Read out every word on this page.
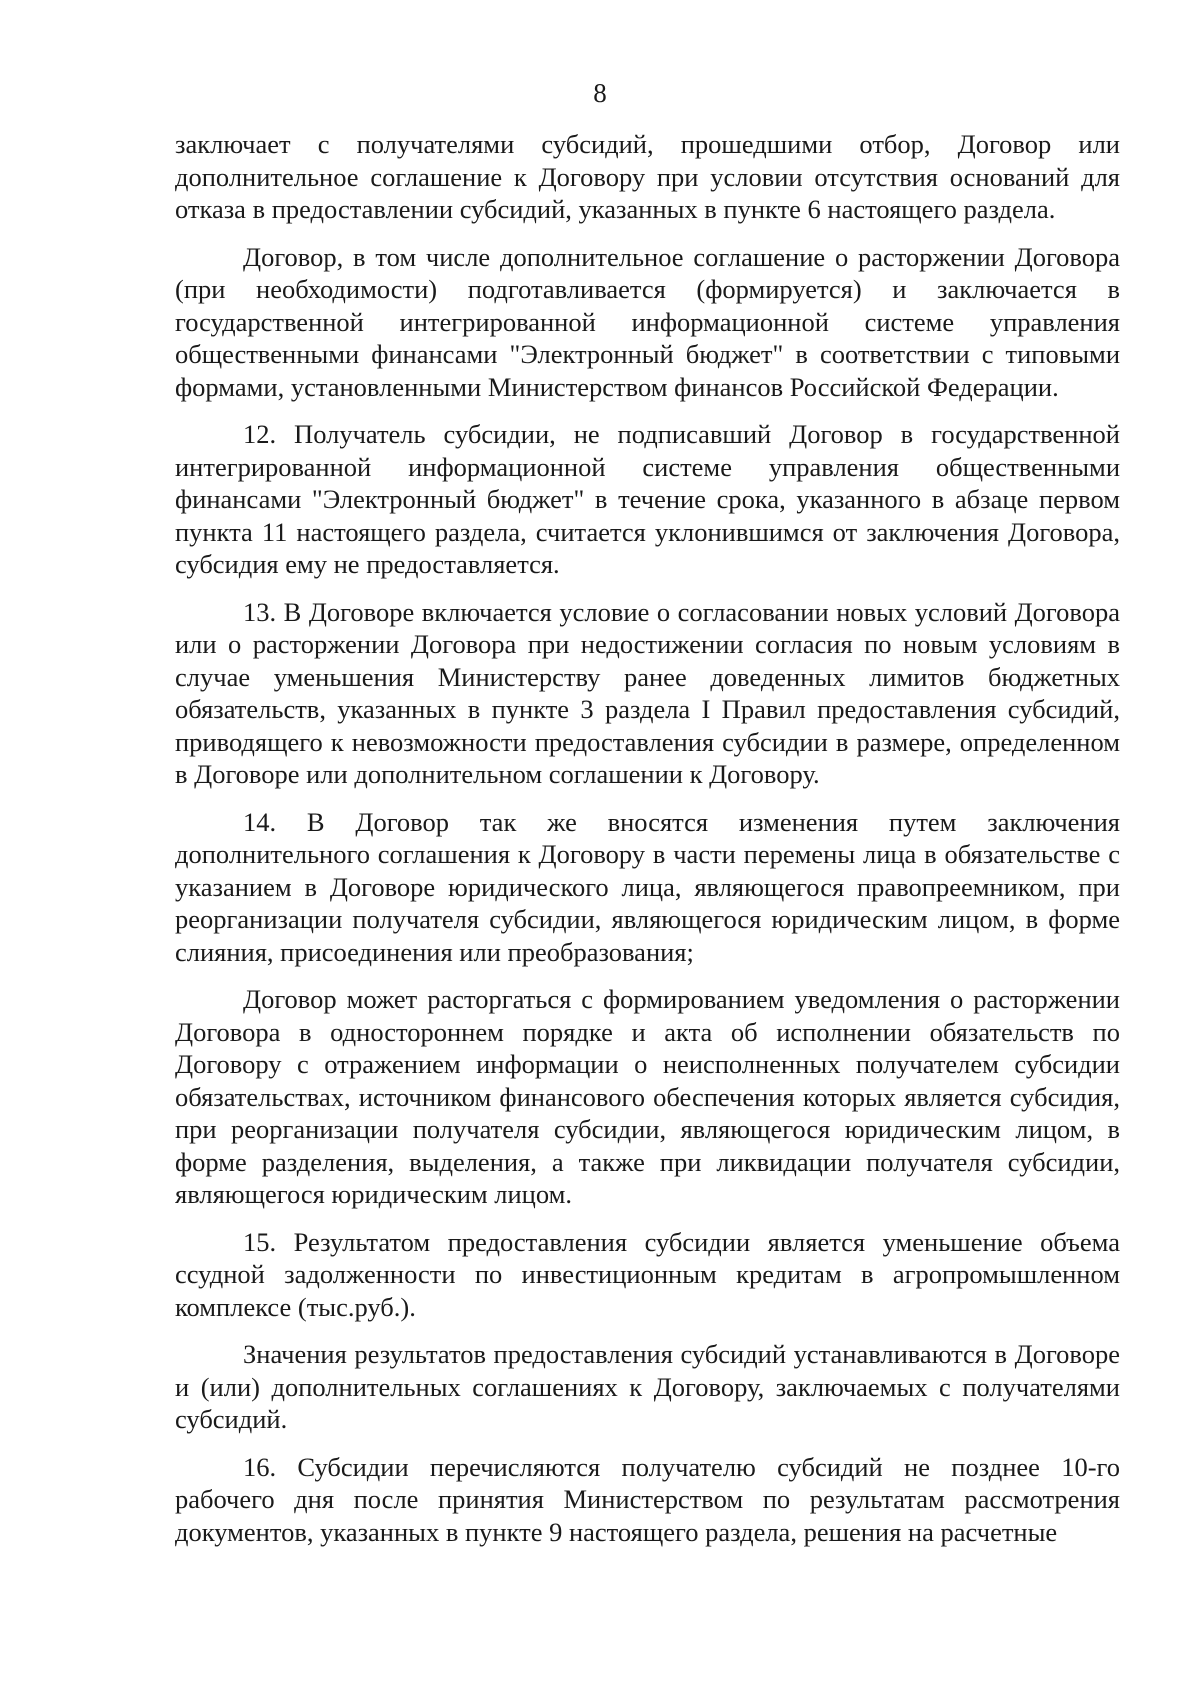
8

заключает с получателями субсидий, прошедшими отбор, Договор или дополнительное соглашение к Договору при условии отсутствия оснований для отказа в предоставлении субсидий, указанных в пункте 6 настоящего раздела.

Договор, в том числе дополнительное соглашение о расторжении Договора (при необходимости) подготавливается (формируется) и заключается в государственной интегрированной информационной системе управления общественными финансами "Электронный бюджет" в соответствии с типовыми формами, установленными Министерством финансов Российской Федерации.

12. Получатель субсидии, не подписавший Договор в государственной интегрированной информационной системе управления общественными финансами "Электронный бюджет" в течение срока, указанного в абзаце первом пункта 11 настоящего раздела, считается уклонившимся от заключения Договора, субсидия ему не предоставляется.

13. В Договоре включается условие о согласовании новых условий Договора или о расторжении Договора при недостижении согласия по новым условиям в случае уменьшения Министерству ранее доведенных лимитов бюджетных обязательств, указанных в пункте 3 раздела I Правил предоставления субсидий, приводящего к невозможности предоставления субсидии в размере, определенном в Договоре или дополнительном соглашении к Договору.

14. В Договор так же вносятся изменения путем заключения дополнительного соглашения к Договору в части перемены лица в обязательстве с указанием в Договоре юридического лица, являющегося правопреемником, при реорганизации получателя субсидии, являющегося юридическим лицом, в форме слияния, присоединения или преобразования;

Договор может расторгаться с формированием уведомления о расторжении Договора в одностороннем порядке и акта об исполнении обязательств по Договору с отражением информации о неисполненных получателем субсидии обязательствах, источником финансового обеспечения которых является субсидия, при реорганизации получателя субсидии, являющегося юридическим лицом, в форме разделения, выделения, а также при ликвидации получателя субсидии, являющегося юридическим лицом.

15. Результатом предоставления субсидии является уменьшение объема ссудной задолженности по инвестиционным кредитам в агропромышленном комплексе (тыс.руб.).

Значения результатов предоставления субсидий устанавливаются в Договоре и (или) дополнительных соглашениях к Договору, заключаемых с получателями субсидий.

16. Субсидии перечисляются получателю субсидий не позднее 10-го рабочего дня после принятия Министерством по результатам рассмотрения документов, указанных в пункте 9 настоящего раздела, решения на расчетные
